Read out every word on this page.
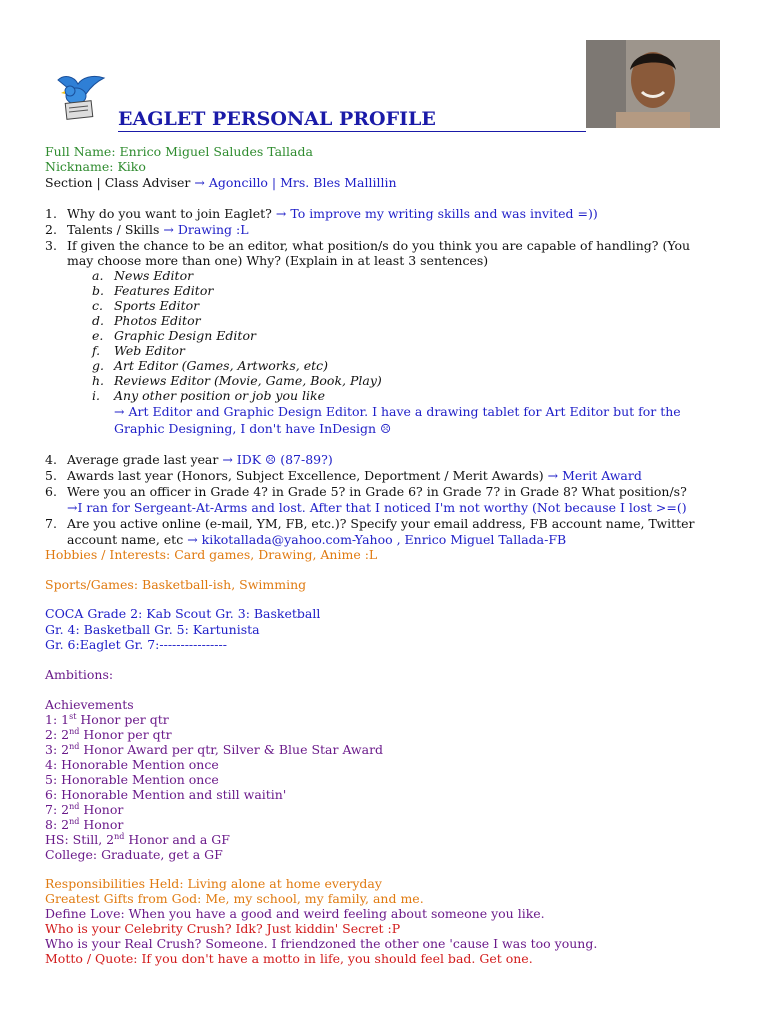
EAGLET PERSONAL PROFILE
Full Name: Enrico Miguel Saludes Tallada
Nickname: Kiko
Section | Class Adviser → Agoncillo | Mrs. Bles Mallillin
1. Why do you want to join Eaglet? → To improve my writing skills and was invited =))
2. Talents / Skills → Drawing :L
3. If given the chance to be an editor, what position/s do you think you are capable of handling? (You
may choose more than one) Why? (Explain in at least 3 sentences)
a. News Editor
b. Features Editor
c. Sports Editor
d. Photos Editor
e. Graphic Design Editor
f. Web Editor
g. Art Editor (Games, Artworks, etc)
h. Reviews Editor (Movie, Game, Book, Play)
i. Any other position or job you like
→ Art Editor and Graphic Design Editor. I have a drawing tablet for Art Editor but for the
Graphic Designing, I don't have InDesign ☹
4. Average grade last year → IDK ☹ (87-89?)
5. Awards last year (Honors, Subject Excellence, Deportment / Merit Awards) → Merit Award
6. Were you an officer in Grade 4? in Grade 5? in Grade 6? in Grade 7? in Grade 8? What position/s?
→I ran for Sergeant-At-Arms and lost. After that I noticed I'm not worthy (Not because I lost >=()
7. Are you active online (e-mail, YM, FB, etc.)? Specify your email address, FB account name, Twitter
account name, etc → kikotallada@yahoo.com-Yahoo , Enrico Miguel Tallada-FB
Hobbies / Interests: Card games, Drawing, Anime :L
Sports/Games: Basketball-ish, Swimming
COCA Grade 2: Kab Scout Gr. 3: Basketball
Gr. 4: Basketball Gr. 5: Kartunista
Gr. 6:Eaglet Gr. 7:----------------
Ambitions:
Achievements
1: 1st Honor per qtr
2: 2nd Honor per qtr
3: 2nd Honor Award per qtr, Silver & Blue Star Award
4: Honorable Mention once
5: Honorable Mention once
6: Honorable Mention and still waitin'
7: 2nd Honor
8: 2nd Honor
HS: Still, 2nd Honor and a GF
College: Graduate, get a GF
Responsibilities Held: Living alone at home everyday
Greatest Gifts from God: Me, my school, my family, and me.
Define Love: When you have a good and weird feeling about someone you like.
Who is your Celebrity Crush? Idk? Just kiddin' Secret :P
Who is your Real Crush? Someone. I friendzoned the other one 'cause I was too young.
Motto / Quote: If you don't have a motto in life, you should feel bad. Get one.
